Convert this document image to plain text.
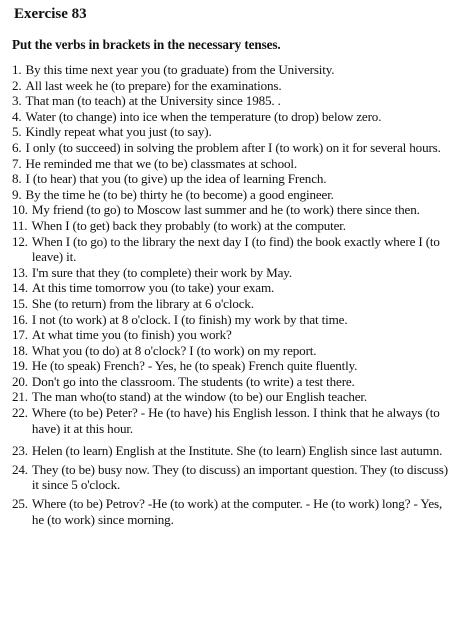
Exercise 83
Put the verbs in brackets in the necessary tenses.
1. By this time next year you (to graduate) from the University.
2. All last week he (to prepare) for the examinations.
3. That man (to teach) at the University since 1985. .
4. Water (to change) into ice when the temperature (to drop) below zero.
5. Kindly repeat what you just (to say).
6. I only (to succeed) in solving the problem after I (to work) on it for several hours.
7. He reminded me that we (to be) classmates at school.
8. I (to hear) that you (to give) up the idea of learning French.
9. By the time he (to be) thirty he (to become) a good engineer.
10. My friend (to go) to Moscow last summer and he (to work) there since then.
11. When I (to get) back they probably (to work) at the computer.
12. When I (to go) to the library the next day I (to find) the book exactly where I (to leave) it.
13. I'm sure that they (to complete) their work by May.
14. At this time tomorrow you (to take) your exam.
15. She (to return) from the library at 6 o'clock.
16. I not (to work) at 8 o'clock. I (to finish) my work by that time.
17. At what time you (to finish) you work?
18. What you (to do) at 8 o'clock? I (to work) on my report.
19. He (to speak) French? - Yes, he (to speak) French quite fluently.
20. Don't go into the classroom. The students (to write) a test there.
21. The man who(to stand) at the window (to be) our English teacher.
22. Where (to be) Peter? - He (to have) his English lesson. I think that he always (to have) it at this hour.
23. Helen (to learn) English at the Institute. She (to learn) English since last autumn.
24. They (to be) busy now. They (to discuss) an important question. They (to discuss) it since 5 o'clock.
25. Where (to be) Petrov? -He (to work) at the computer. - He (to work) long? - Yes, he (to work) since morning.
